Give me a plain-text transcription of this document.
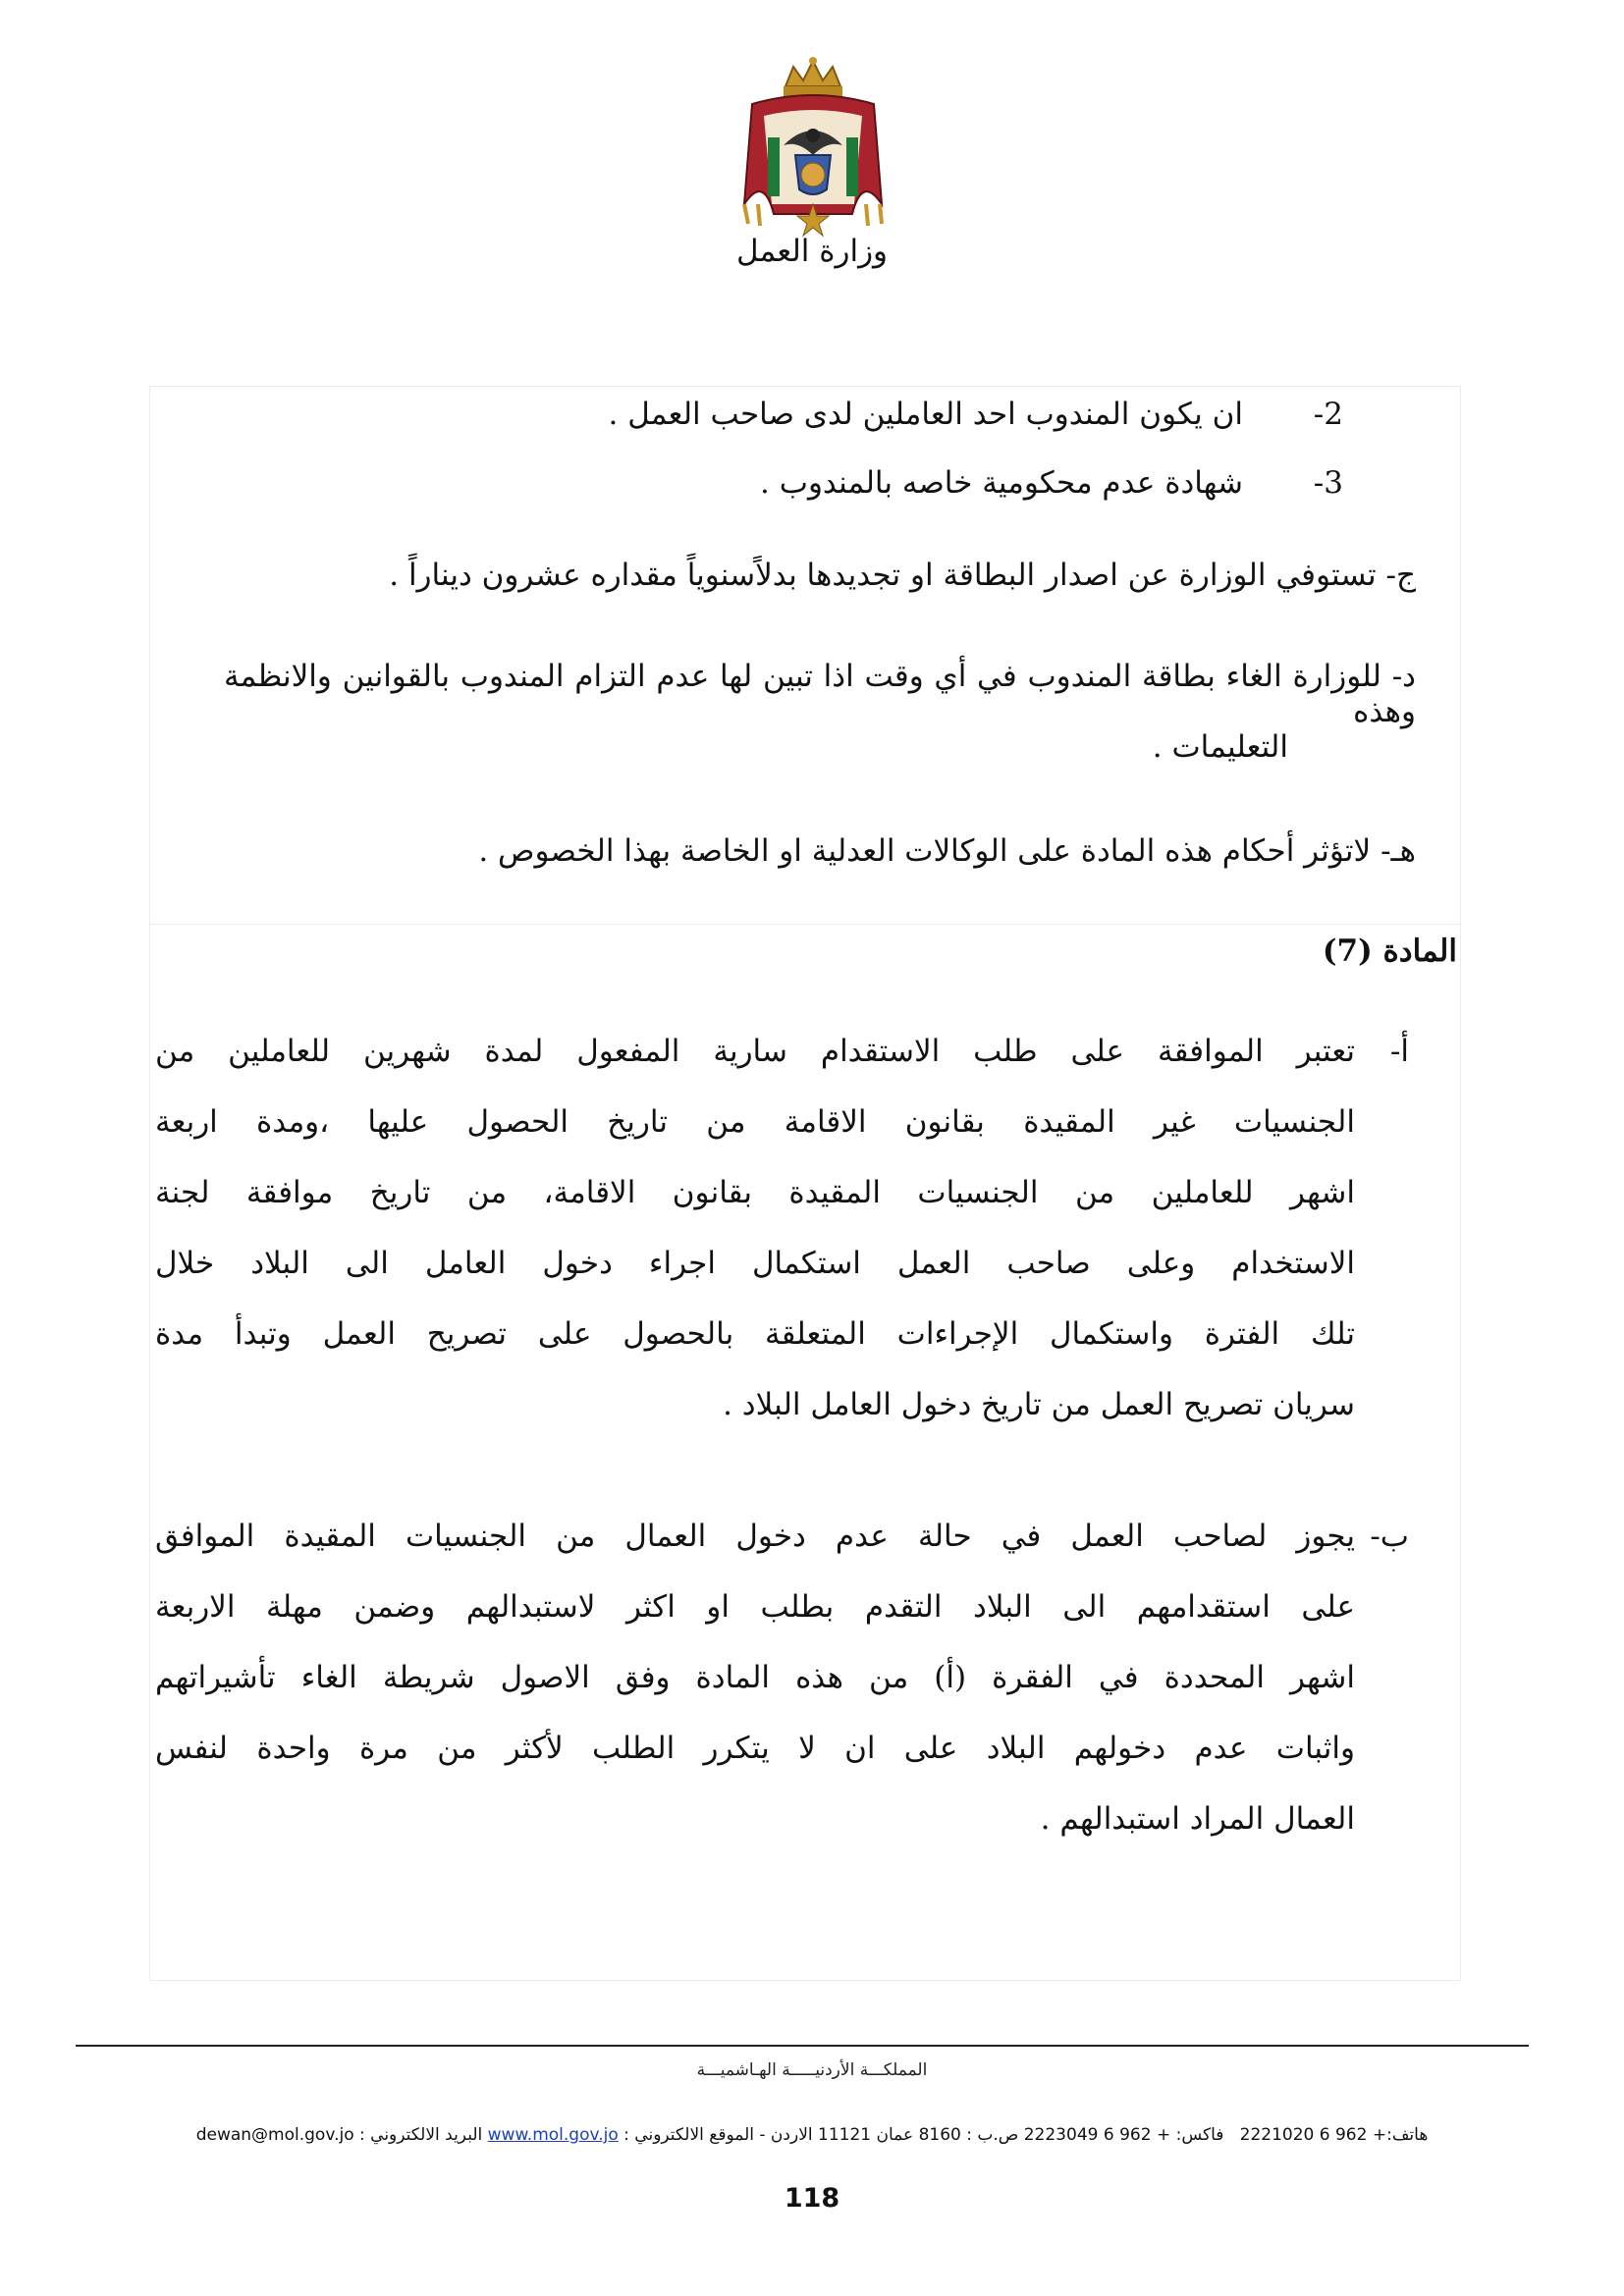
وزارة العمل
2-
ان يكون المندوب احد العاملين لدى صاحب العمل .
3-
شهادة عدم محكومية خاصه بالمندوب .
ج- تستوفي الوزارة عن اصدار البطاقة او تجديدها بدلاًسنوياً مقداره عشرون ديناراً .
د- للوزارة الغاء بطاقة المندوب في أي وقت اذا تبين لها عدم التزام المندوب بالقوانين والانظمة وهذه
التعليمات .
هـ- لاتؤثر أحكام هذه المادة على الوكالات العدلية او الخاصة بهذا الخصوص .
المادة (7)
أ-
تعتبر الموافقة على طلب الاستقدام سارية المفعول لمدة شهرين للعاملين من
الجنسيات غير المقيدة بقانون الاقامة من تاريخ الحصول عليها ،ومدة اربعة
اشهر للعاملين من الجنسيات المقيدة بقانون الاقامة، من تاريخ موافقة لجنة
الاستخدام وعلى صاحب العمل استكمال اجراء دخول العامل الى البلاد خلال
تلك الفترة واستكمال الإجراءات المتعلقة بالحصول على تصريح العمل وتبدأ مدة
سريان تصريح العمل من تاريخ دخول العامل البلاد .
ب-
يجوز لصاحب العمل في حالة عدم دخول العمال من الجنسيات المقيدة الموافق
على استقدامهم الى البلاد التقدم بطلب او اكثر لاستبدالهم وضمن مهلة الاربعة
اشهر المحددة في الفقرة (أ) من هذه المادة وفق الاصول شريطة الغاء تأشيراتهم
واثبات عدم دخولهم البلاد على ان لا يتكرر الطلب لأكثر من مرة واحدة لنفس
العمال المراد استبدالهم .
المملكـــة الأردنيـــــة الهـاشميـــة
هاتف:+ 962 6 2221020   فاكس: + 962 6 2223049 ص.ب : 8160 عمان 11121 الاردن - الموقع الالكتروني : www.mol.gov.jo البريد الالكتروني : dewan@mol.gov.jo
118
